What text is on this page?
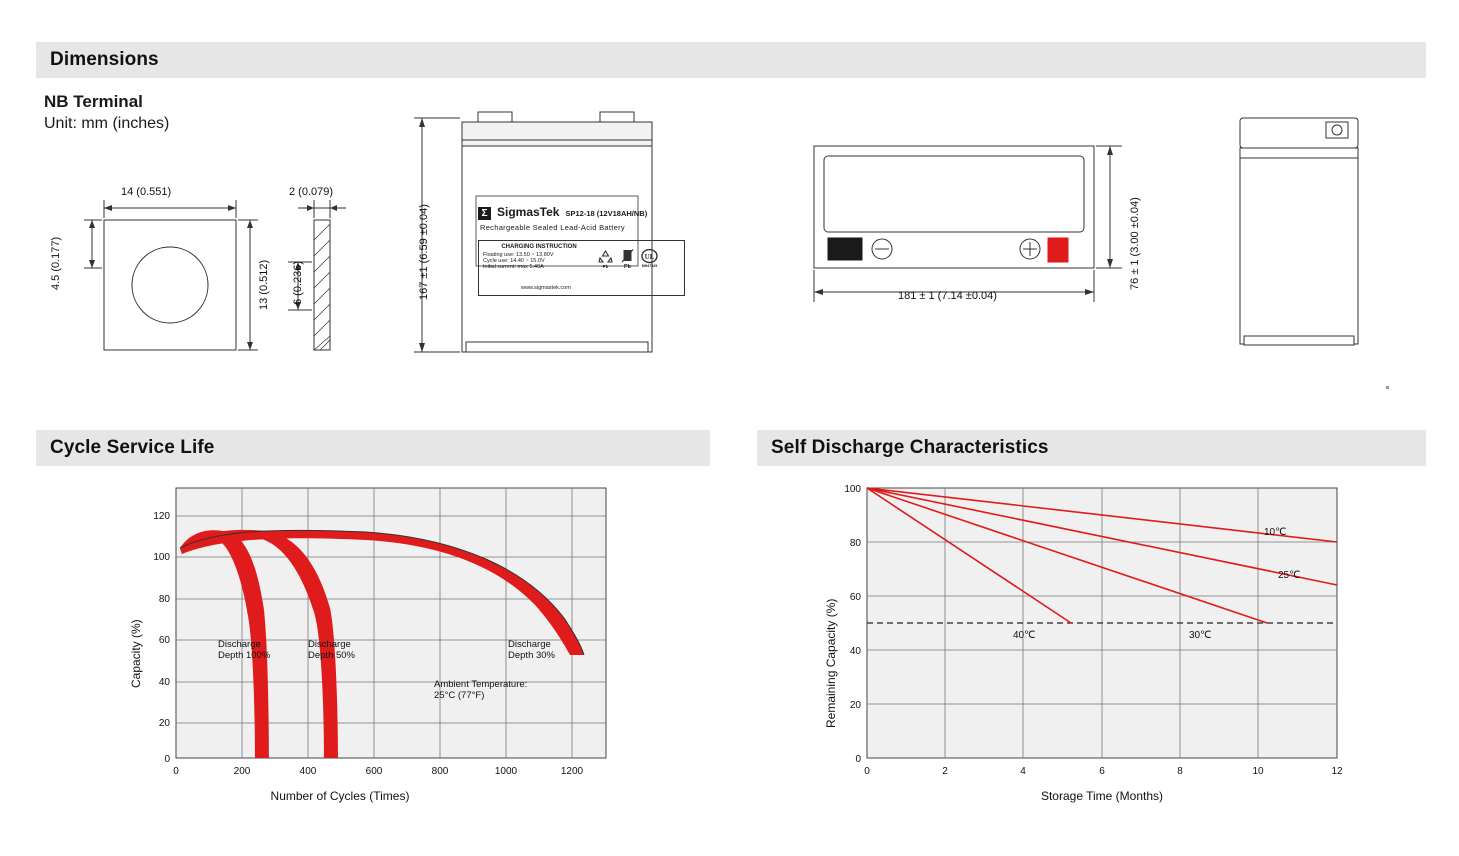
Dimensions
NB Terminal
Unit: mm (inches)
14 (0.551)
4.5 (0.177)	13 (0.512)
2 (0.079)
6 (0.236)	167 ±1 (6.59 ±0.04)	Σ SigmasTek SP12-18 (12V18AH/NB)
Rechargeable Sealed Lead-Acid Battery
CHARGING INSTRUCTION
Floating use: 13.50 ~ 13.80V
Cycle use: 14.40 ~ 15.0V
Initial current: max 5.40A
www.sigmastek.com
Pb	Pb
UL
MH47929	76 ± 1 (3.00 ±0.04)
181 ± 1 (7.14 ±0.04)
Cycle Service Life
120
100
80
60
40
20
0
0	200	400	600	800	1000	1200
Discharge
Depth 100%
Discharge
Depth 50%
Discharge
Depth 30%
Ambient Temperature:
25°C (77°F)
Number of Cycles (Times)
Capacity (%)
Self Discharge Characteristics
100
80
60
40
20
0
0	2	4	6	8	10	12
10℃
25℃
30℃
40℃
Storage Time (Months)
Remaining Capacity (%)
